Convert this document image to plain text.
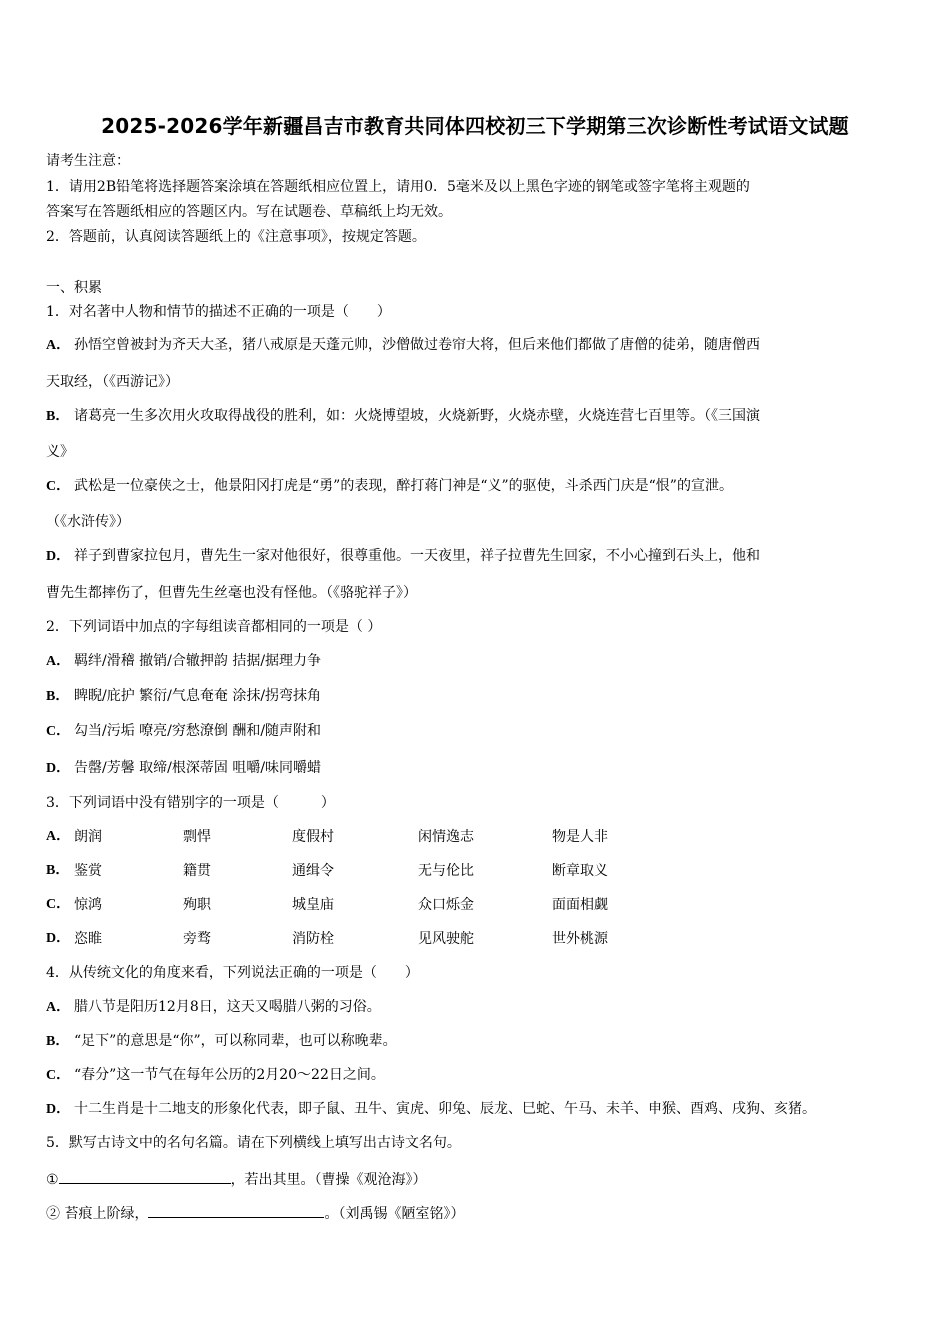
2025-2026学年新疆昌吉市教育共同体四校初三下学期第三次诊断性考试语文试题
请考生注意：
1．请用2B铅笔将选择题答案涂填在答题纸相应位置上，请用0．5毫米及以上黑色字迹的钢笔或签字笔将主观题的
答案写在答题纸相应的答题区内。写在试题卷、草稿纸上均无效。
2．答题前，认真阅读答题纸上的《注意事项》，按规定答题。
一、积累
1．对名著中人物和情节的描述不正确的一项是（　　）
A． 孙悟空曾被封为齐天大圣，猪八戒原是天蓬元帅，沙僧做过卷帘大将，但后来他们都做了唐僧的徒弟，随唐僧西
天取经，（《西游记》）
B． 诸葛亮一生多次用火攻取得战役的胜利，如：火烧博望坡，火烧新野，火烧赤壁，火烧连营七百里等。（《三国演
义》
C． 武松是一位豪侠之士，他景阳冈打虎是“勇”的表现，醉打蒋门神是“义”的驱使，斗杀西门庆是“恨”的宣泄。
（《水浒传》）
D． 祥子到曹家拉包月，曹先生一家对他很好，很尊重他。一天夜里，祥子拉曹先生回家，不小心撞到石头上，他和
曹先生都摔伤了，但曹先生丝毫也没有怪他。（《骆驼祥子》）
2．下列词语中加点的字每组读音都相同的一项是（ ）
A． 羁绊/滑稽 撤销/合辙押韵 拮据/据理力争
B． 睥睨/庇护 繁衍/气息奄奄 涂抹/拐弯抹角
C． 勾当/污垢 嘹亮/穷愁潦倒 酬和/随声附和
D． 告罄/芳馨 取缔/根深蒂固 咀嚼/味同嚼蜡
3．下列词语中没有错别字的一项是（　　　）
A． 朗润	剽悍	度假村	闲情逸志	物是人非
B． 鉴赏	籍贯	通缉令	无与伦比	断章取义
C． 惊鸿	殉职	城皇庙	众口烁金	面面相觑
D． 恣睢	旁骛	消防栓	见风驶舵	世外桃源
4．从传统文化的角度来看，下列说法正确的一项是（　　）
A． 腊八节是阳历12月8日，这天又喝腊八粥的习俗。
B． “足下”的意思是“你”，可以称同辈，也可以称晚辈。
C． “春分”这一节气在每年公历的2月20～22日之间。
D． 十二生肖是十二地支的形象化代表，即子鼠、丑牛、寅虎、卯兔、辰龙、巳蛇、午马、未羊、申猴、酉鸡、戌狗、亥猪。
5．默写古诗文中的名句名篇。请在下列横线上填写出古诗文名句。
①	，若出其里。（曹操《观沧海》）
② 苔痕上阶绿，	。（刘禹锡《陋室铭》）
